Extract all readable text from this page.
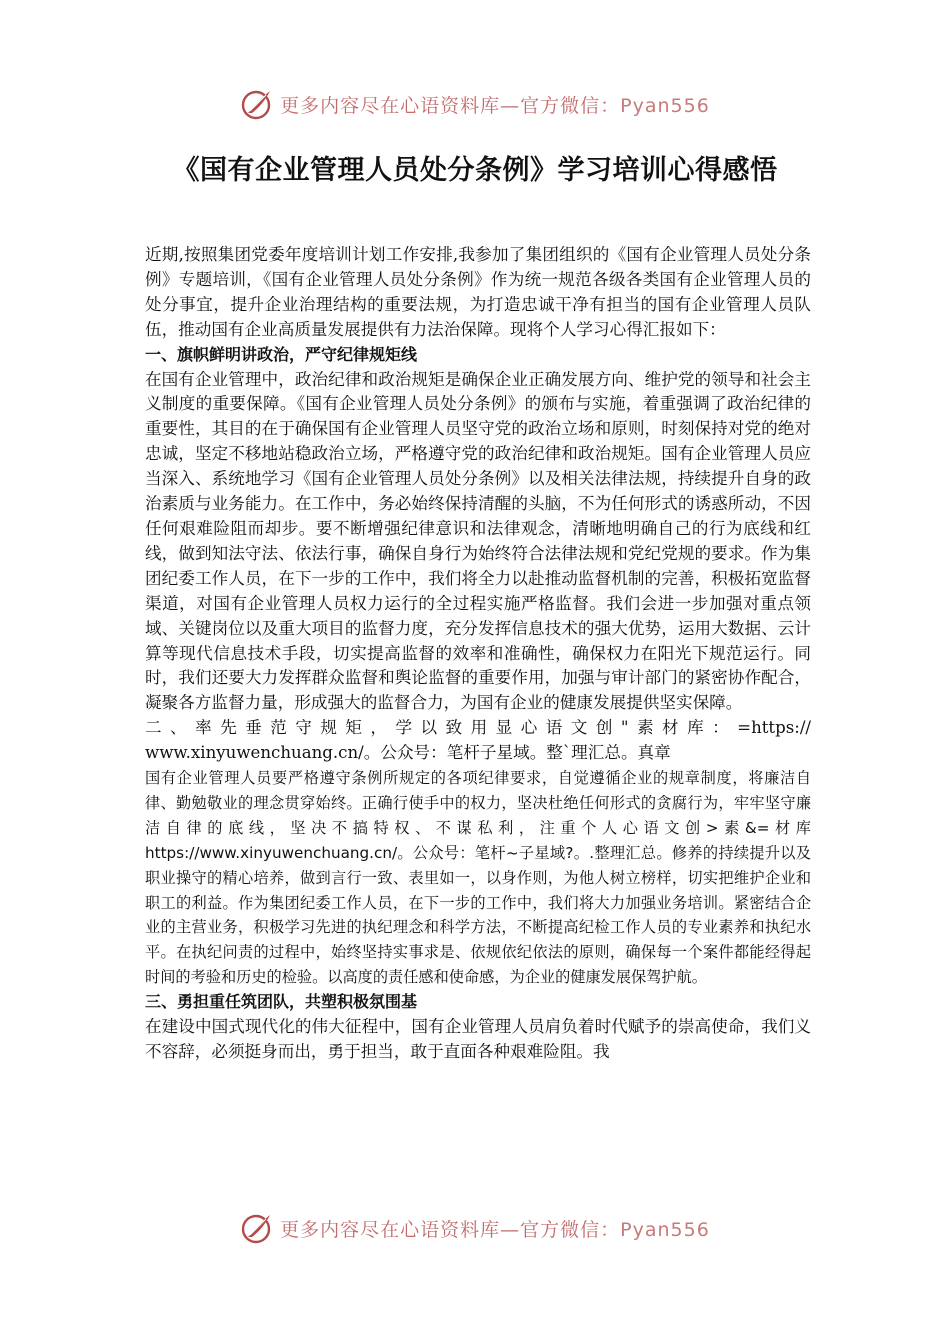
更多内容尽在心语资料库—官方微信：Pyan556
《国有企业管理人员处分条例》学习培训心得感悟

近期,按照集团党委年度培训计划工作安排,我参加了集团组织的《国有企业管理人员处分条例》专题培训，《国有企业管理人员处分条例》作为统一规范各级各类国有企业管理人员的处分事宜，提升企业治理结构的重要法规，为打造忠诚干净有担当的国有企业管理人员队伍，推动国有企业高质量发展提供有力法治保障。现将个人学习心得汇报如下：

一、旗帜鲜明讲政治，严守纪律规矩线

在国有企业管理中，政治纪律和政治规矩是确保企业正确发展方向、维护党的领导和社会主义制度的重要保障。《国有企业管理人员处分条例》的颁布与实施，着重强调了政治纪律的重要性，其目的在于确保国有企业管理人员坚守党的政治立场和原则，时刻保持对党的绝对忠诚，坚定不移地站稳政治立场，严格遵守党的政治纪律和政治规矩。国有企业管理人员应当深入、系统地学习《国有企业管理人员处分条例》以及相关法律法规，持续提升自身的政治素质与业务能力。在工作中，务必始终保持清醒的头脑，不为任何形式的诱惑所动，不因任何艰难险阻而却步。要不断增强纪律意识和法律观念，清晰地明确自己的行为底线和红线，做到知法守法、依法行事，确保自身行为始终符合法律法规和党纪党规的要求。作为集团纪委工作人员，在下一步的工作中，我们将全力以赴推动监督机制的完善，积极拓宽监督渠道，对国有企业管理人员权力运行的全过程实施严格监督。我们会进一步加强对重点领域、关键岗位以及重大项目的监督力度，充分发挥信息技术的强大优势，运用大数据、云计算等现代信息技术手段，切实提高监督的效率和准确性，确保权力在阳光下规范运行。同时，我们还要大力发挥群众监督和舆论监督的重要作用，加强与审计部门的紧密协作配合，凝聚各方监督力量，形成强大的监督合力，为国有企业的健康发展提供坚实保障。

二、率先垂范守规矩，学以致用显心语文创"素材库：=https://

www.xinyuwenchuang.cn/。公众号：笔杆子星域。整`理汇总。真章

国有企业管理人员要严格遵守条例所规定的各项纪律要求，自觉遵循企业的规章制度，将廉洁自律、勤勉敬业的理念贯穿始终。正确行使手中的权力，坚决杜绝任何形式的贪腐行为，牢牢坚守廉洁自律的底线，坚决不搞特权、不谋私利，注重个人心语文创>素&=材库https://www.xinyuwenchuang.cn/。公众号：笔杆~子星域?。.整理汇总。修养的持续提升以及职业操守的精心培养，做到言行一致、表里如一，以身作则，为他人树立榜样，切实把维护企业和职工的利益。作为集团纪委工作人员，在下一步的工作中，我们将大力加强业务培训。紧密结合企业的主营业务，积极学习先进的执纪理念和科学方法，不断提高纪检工作人员的专业素养和执纪水平。在执纪问责的过程中，始终坚持实事求是、依规依纪依法的原则，确保每一个案件都能经得起时间的考验和历史的检验。以高度的责任感和使命感，为企业的健康发展保驾护航。

三、勇担重任筑团队，共塑积极氛围基

在建设中国式现代化的伟大征程中，国有企业管理人员肩负着时代赋予的崇高使命，我们义不容辞，必须挺身而出，勇于担当，敢于直面各种艰难险阻。我

更多内容尽在心语资料库—官方微信：Pyan556
